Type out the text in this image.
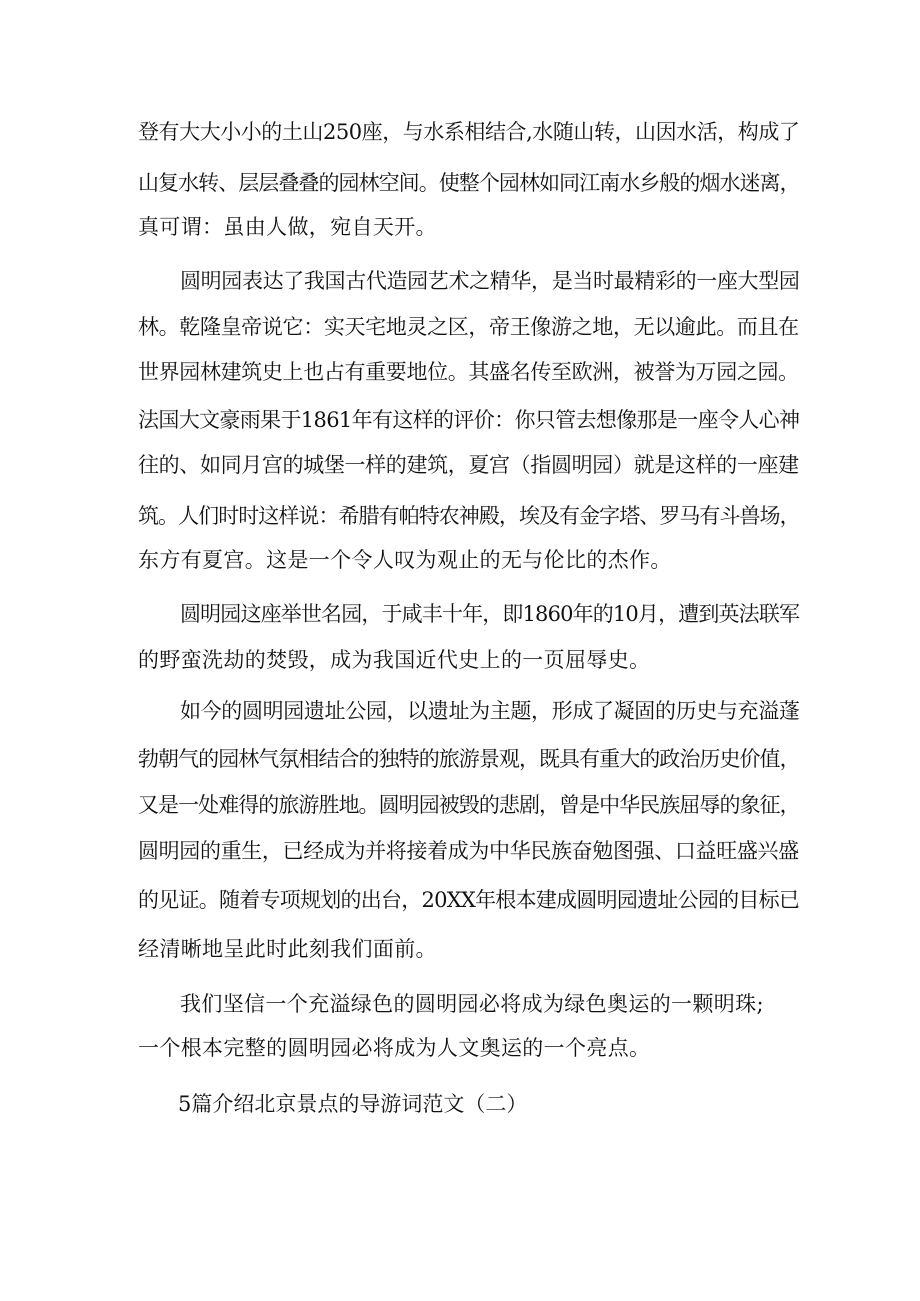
登有大大小小的土山250座，与水系相结合,水随山转，山因水活，构成了
山复水转、层层叠叠的园林空间。使整个园林如同江南水乡般的烟水迷离，
真可谓：虽由人做，宛自天开。
圆明园表达了我国古代造园艺术之精华，是当时最精彩的一座大型园
林。乾隆皇帝说它：实天宅地灵之区，帝王像游之地，无以逾此。而且在
世界园林建筑史上也占有重要地位。其盛名传至欧洲，被誉为万园之园。
法国大文豪雨果于1861年有这样的评价：你只管去想像那是一座令人心神
往的、如同月宫的城堡一样的建筑，夏宫（指圆明园）就是这样的一座建
筑。人们时时这样说：希腊有帕特农神殿，埃及有金字塔、罗马有斗兽场，
东方有夏宫。这是一个令人叹为观止的无与伦比的杰作。
圆明园这座举世名园，于咸丰十年，即1860年的10月，遭到英法联军
的野蛮洗劫的焚毁，成为我国近代史上的一页屈辱史。
如今的圆明园遗址公园，以遗址为主题，形成了凝固的历史与充溢蓬
勃朝气的园林气氛相结合的独特的旅游景观，既具有重大的政治历史价值，
又是一处难得的旅游胜地。圆明园被毁的悲剧，曾是中华民族屈辱的象征，
圆明园的重生，已经成为并将接着成为中华民族奋勉图强、口益旺盛兴盛
的见证。随着专项规划的出台，20XX年根本建成圆明园遗址公园的目标已
经清晰地呈此时此刻我们面前。
我们坚信一个充溢绿色的圆明园必将成为绿色奥运的一颗明珠;
一个根本完整的圆明园必将成为人文奥运的一个亮点。
5篇介绍北京景点的导游词范文（二）
